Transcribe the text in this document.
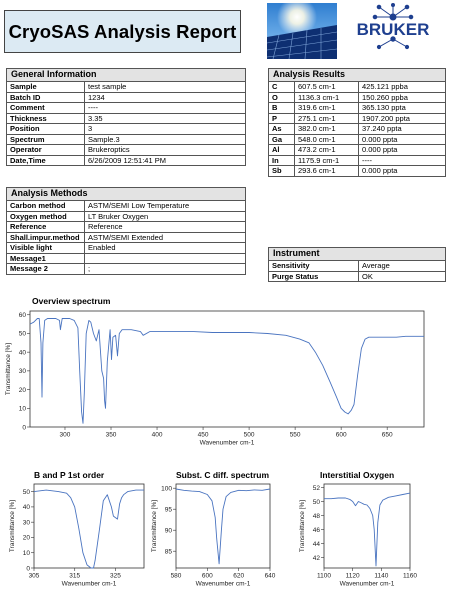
CryoSAS Analysis Report	BRUKER
General Information	
Sample	test sample
Batch ID	1234
Comment	----
Thickness	3.35
Position	3
Spectrum	Sample.3
Operator	Brukeroptics
Date,Time	6/26/2009 12:51:41 PM
Analysis Methods	
Carbon method	ASTM/SEMI Low Temperature
Oxygen method	LT Bruker Oxygen
Reference	Reference
Shall.impur.method	ASTM/SEMI Extended
Visible light	Enabled
Message1	
Message 2	;
Analysis Results		
C	607.5 cm-1	425.121 ppba
O	1136.3 cm-1	150.260 ppba
B	319.6 cm-1	365.130 ppta
P	275.1 cm-1	1907.200 ppta
As	382.0 cm-1	37.240 ppta
Ga	548.0 cm-1	0.000 ppta
Al	473.2 cm-1	0.000 ppta
In	1175.9 cm-1	----
Sb	293.6 cm-1	0.000 ppta
Instrument	
Sensitivity	Average
Purge Status	OK
Overview spectrum
300	350	400	450	500	550	600	650
0
10
20
30
40
50
60
Wavenumber cm-1
Transmittance [%]
B and P 1st order
305	315	325
0
10
20
30
40
50
Wavenumber cm-1
Transmittance [%]
Subst. C diff. spectrum
580	600	620	640
85
90
95
100
Wavenumber cm-1
Transmittance [%]
Interstitial Oxygen
1100 1120 1140 1160
42
44
46
48
50
52
Wavenumber cm-1
Transmittance [%]
